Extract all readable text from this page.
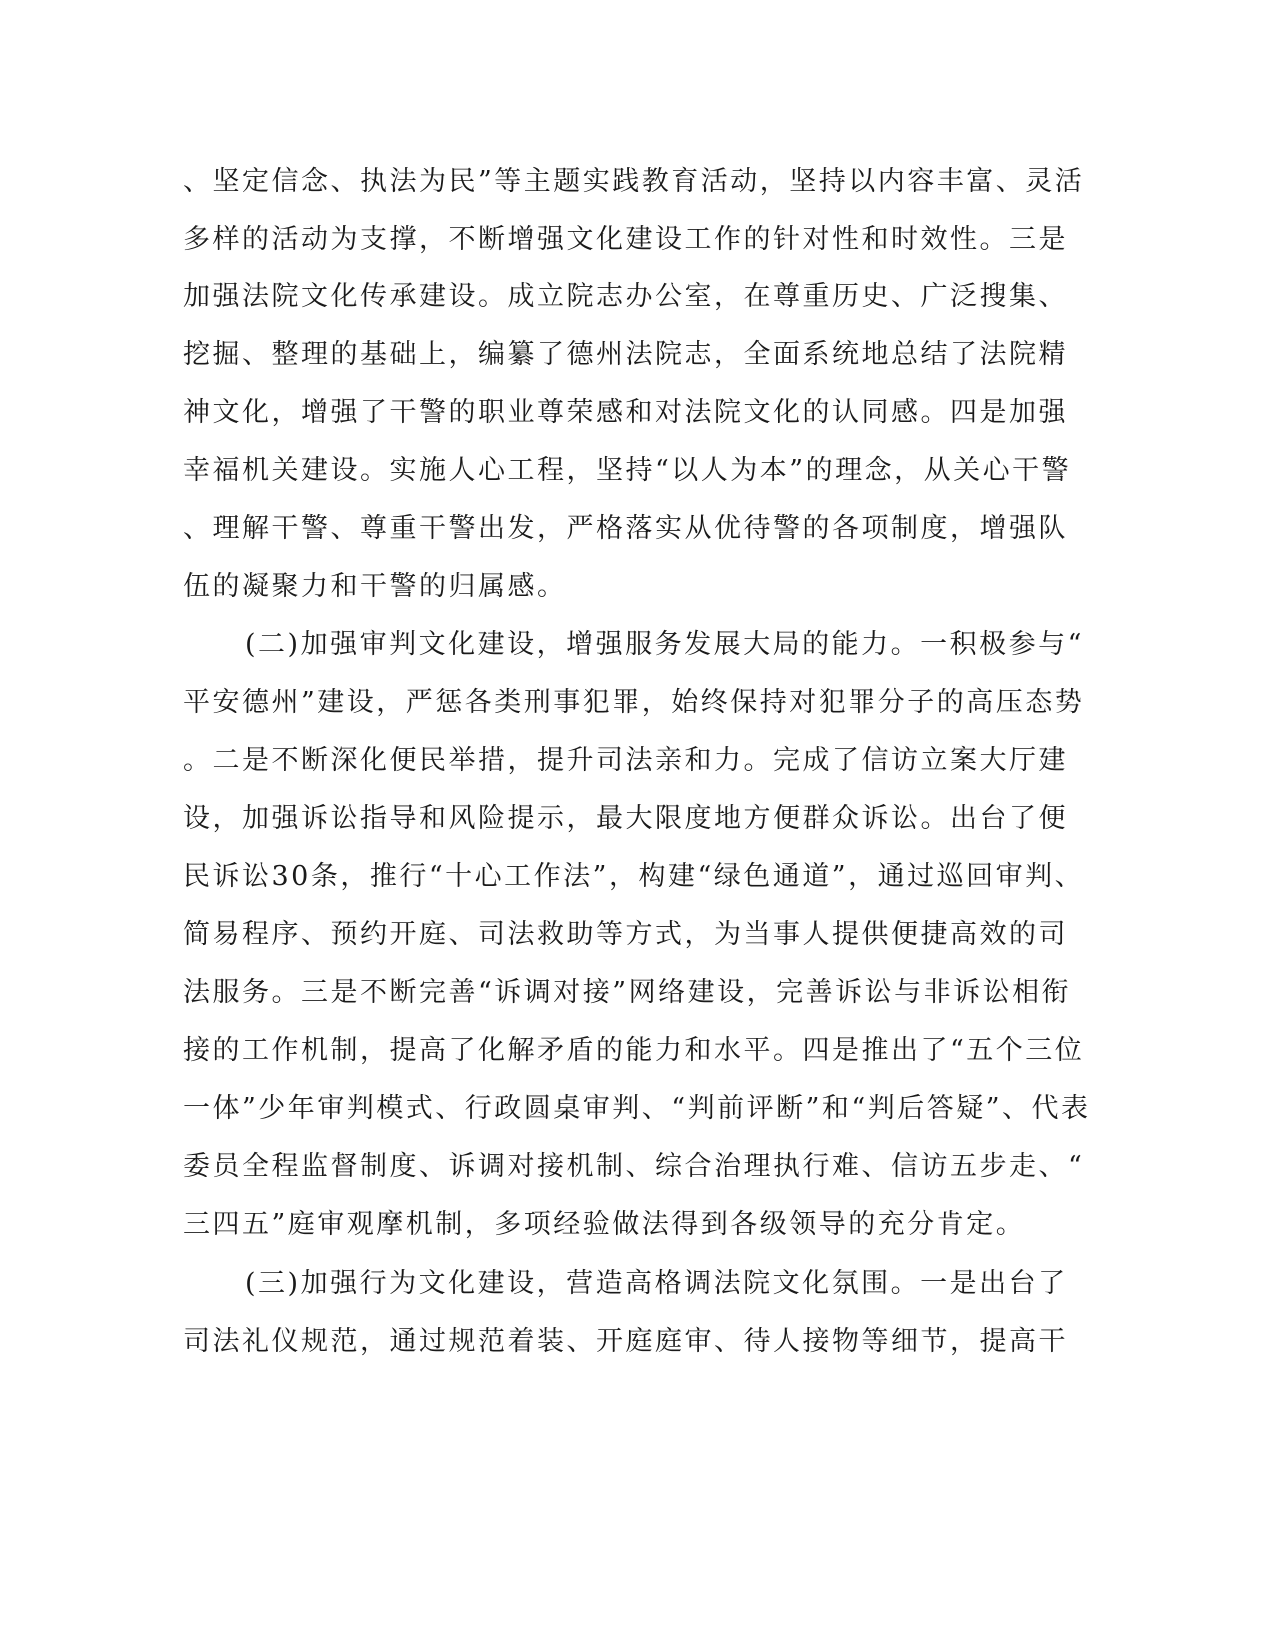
、坚定信念、执法为民”等主题实践教育活动，坚持以内容丰富、灵活
多样的活动为支撑，不断增强文化建设工作的针对性和时效性。三是
加强法院文化传承建设。成立院志办公室，在尊重历史、广泛搜集、
挖掘、整理的基础上，编纂了德州法院志，全面系统地总结了法院精
神文化，增强了干警的职业尊荣感和对法院文化的认同感。四是加强
幸福机关建设。实施人心工程，坚持“以人为本”的理念，从关心干警
、理解干警、尊重干警出发，严格落实从优待警的各项制度，增强队
伍的凝聚力和干警的归属感。
(二)加强审判文化建设，增强服务发展大局的能力。一积极参与“
平安德州”建设，严惩各类刑事犯罪，始终保持对犯罪分子的高压态势
。二是不断深化便民举措，提升司法亲和力。完成了信访立案大厅建
设，加强诉讼指导和风险提示，最大限度地方便群众诉讼。出台了便
民诉讼30条，推行“十心工作法”，构建“绿色通道”，通过巡回审判、
简易程序、预约开庭、司法救助等方式，为当事人提供便捷高效的司
法服务。三是不断完善“诉调对接”网络建设，完善诉讼与非诉讼相衔
接的工作机制，提高了化解矛盾的能力和水平。四是推出了“五个三位
一体”少年审判模式、行政圆桌审判、“判前评断”和“判后答疑”、代表
委员全程监督制度、诉调对接机制、综合治理执行难、信访五步走、“
三四五”庭审观摩机制，多项经验做法得到各级领导的充分肯定。
(三)加强行为文化建设，营造高格调法院文化氛围。一是出台了
司法礼仪规范，通过规范着装、开庭庭审、待人接物等细节，提高干
